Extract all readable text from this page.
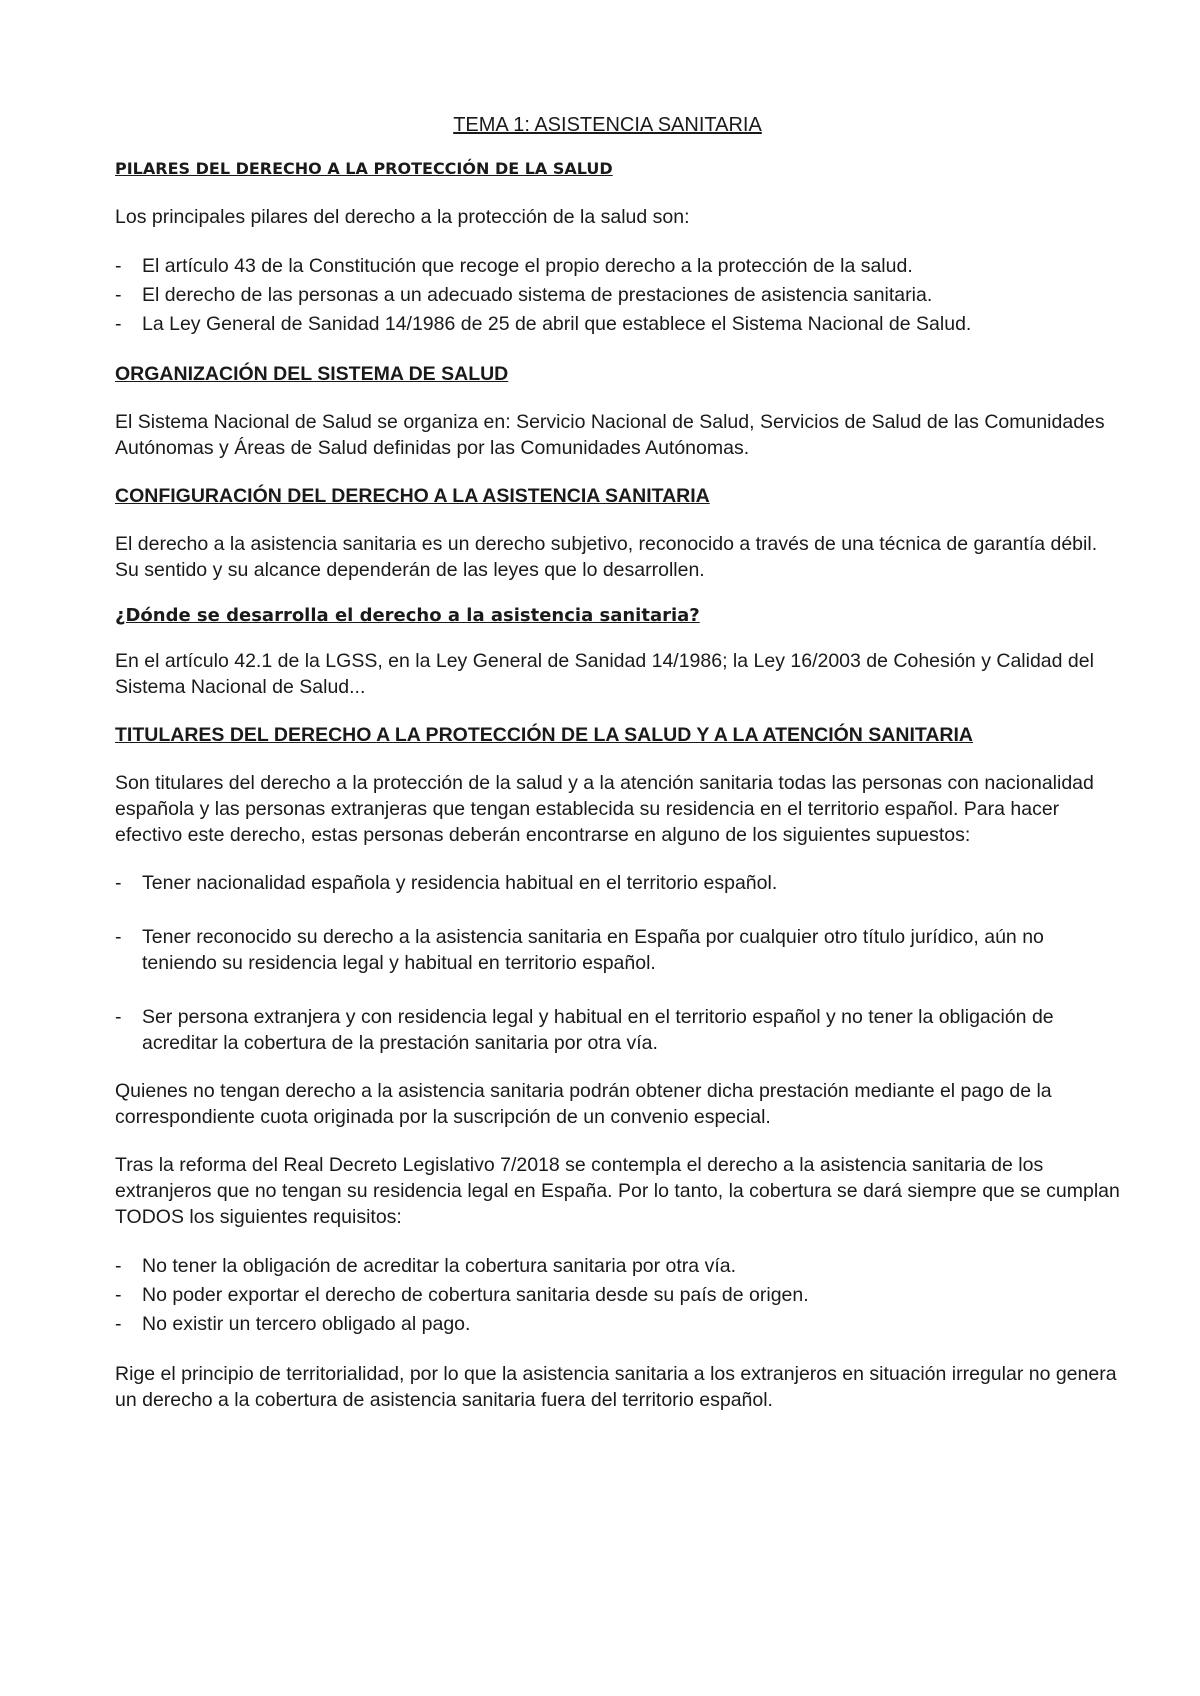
TEMA 1: ASISTENCIA SANITARIA
PILARES DEL DERECHO A LA PROTECCIÓN DE LA SALUD

Los principales pilares del derecho a la protección de la salud son:

- El artículo 43 de la Constitución que recoge el propio derecho a la protección de la salud.
- El derecho de las personas a un adecuado sistema de prestaciones de asistencia sanitaria.
- La Ley General de Sanidad 14/1986 de 25 de abril que establece el Sistema Nacional de Salud.
ORGANIZACIÓN DEL SISTEMA DE SALUD

El Sistema Nacional de Salud se organiza en: Servicio Nacional de Salud, Servicios de Salud de las Comunidades Autónomas y Áreas de Salud definidas por las Comunidades Autónomas.

CONFIGURACIÓN DEL DERECHO A LA ASISTENCIA SANITARIA

El derecho a la asistencia sanitaria es un derecho subjetivo, reconocido a través de una técnica de garantía débil. Su sentido y su alcance dependerán de las leyes que lo desarrollen.

¿Dónde se desarrolla el derecho a la asistencia sanitaria?

En el artículo 42.1 de la LGSS, en la Ley General de Sanidad 14/1986; la Ley 16/2003 de Cohesión y Calidad del Sistema Nacional de Salud...

TITULARES DEL DERECHO A LA PROTECCIÓN DE LA SALUD Y A LA ATENCIÓN SANITARIA

Son titulares del derecho a la protección de la salud y a la atención sanitaria todas las personas con nacionalidad española y las personas extranjeras que tengan establecida su residencia en el territorio español. Para hacer efectivo este derecho, estas personas deberán encontrarse en alguno de los siguientes supuestos:

- Tener nacionalidad española y residencia habitual en el territorio español.
- Tener reconocido su derecho a la asistencia sanitaria en España por cualquier otro título jurídico, aún no teniendo su residencia legal y habitual en territorio español.
- Ser persona extranjera y con residencia legal y habitual en el territorio español y no tener la obligación de acreditar la cobertura de la prestación sanitaria por otra vía.

Quienes no tengan derecho a la asistencia sanitaria podrán obtener dicha prestación mediante el pago de la correspondiente cuota originada por la suscripción de un convenio especial.

Tras la reforma del Real Decreto Legislativo 7/2018 se contempla el derecho a la asistencia sanitaria de los extranjeros que no tengan su residencia legal en España. Por lo tanto, la cobertura se dará siempre que se cumplan TODOS los siguientes requisitos:

- No tener la obligación de acreditar la cobertura sanitaria por otra vía.
- No poder exportar el derecho de cobertura sanitaria desde su país de origen.
- No existir un tercero obligado al pago.

Rige el principio de territorialidad, por lo que la asistencia sanitaria a los extranjeros en situación irregular no genera un derecho a la cobertura de asistencia sanitaria fuera del territorio español.
